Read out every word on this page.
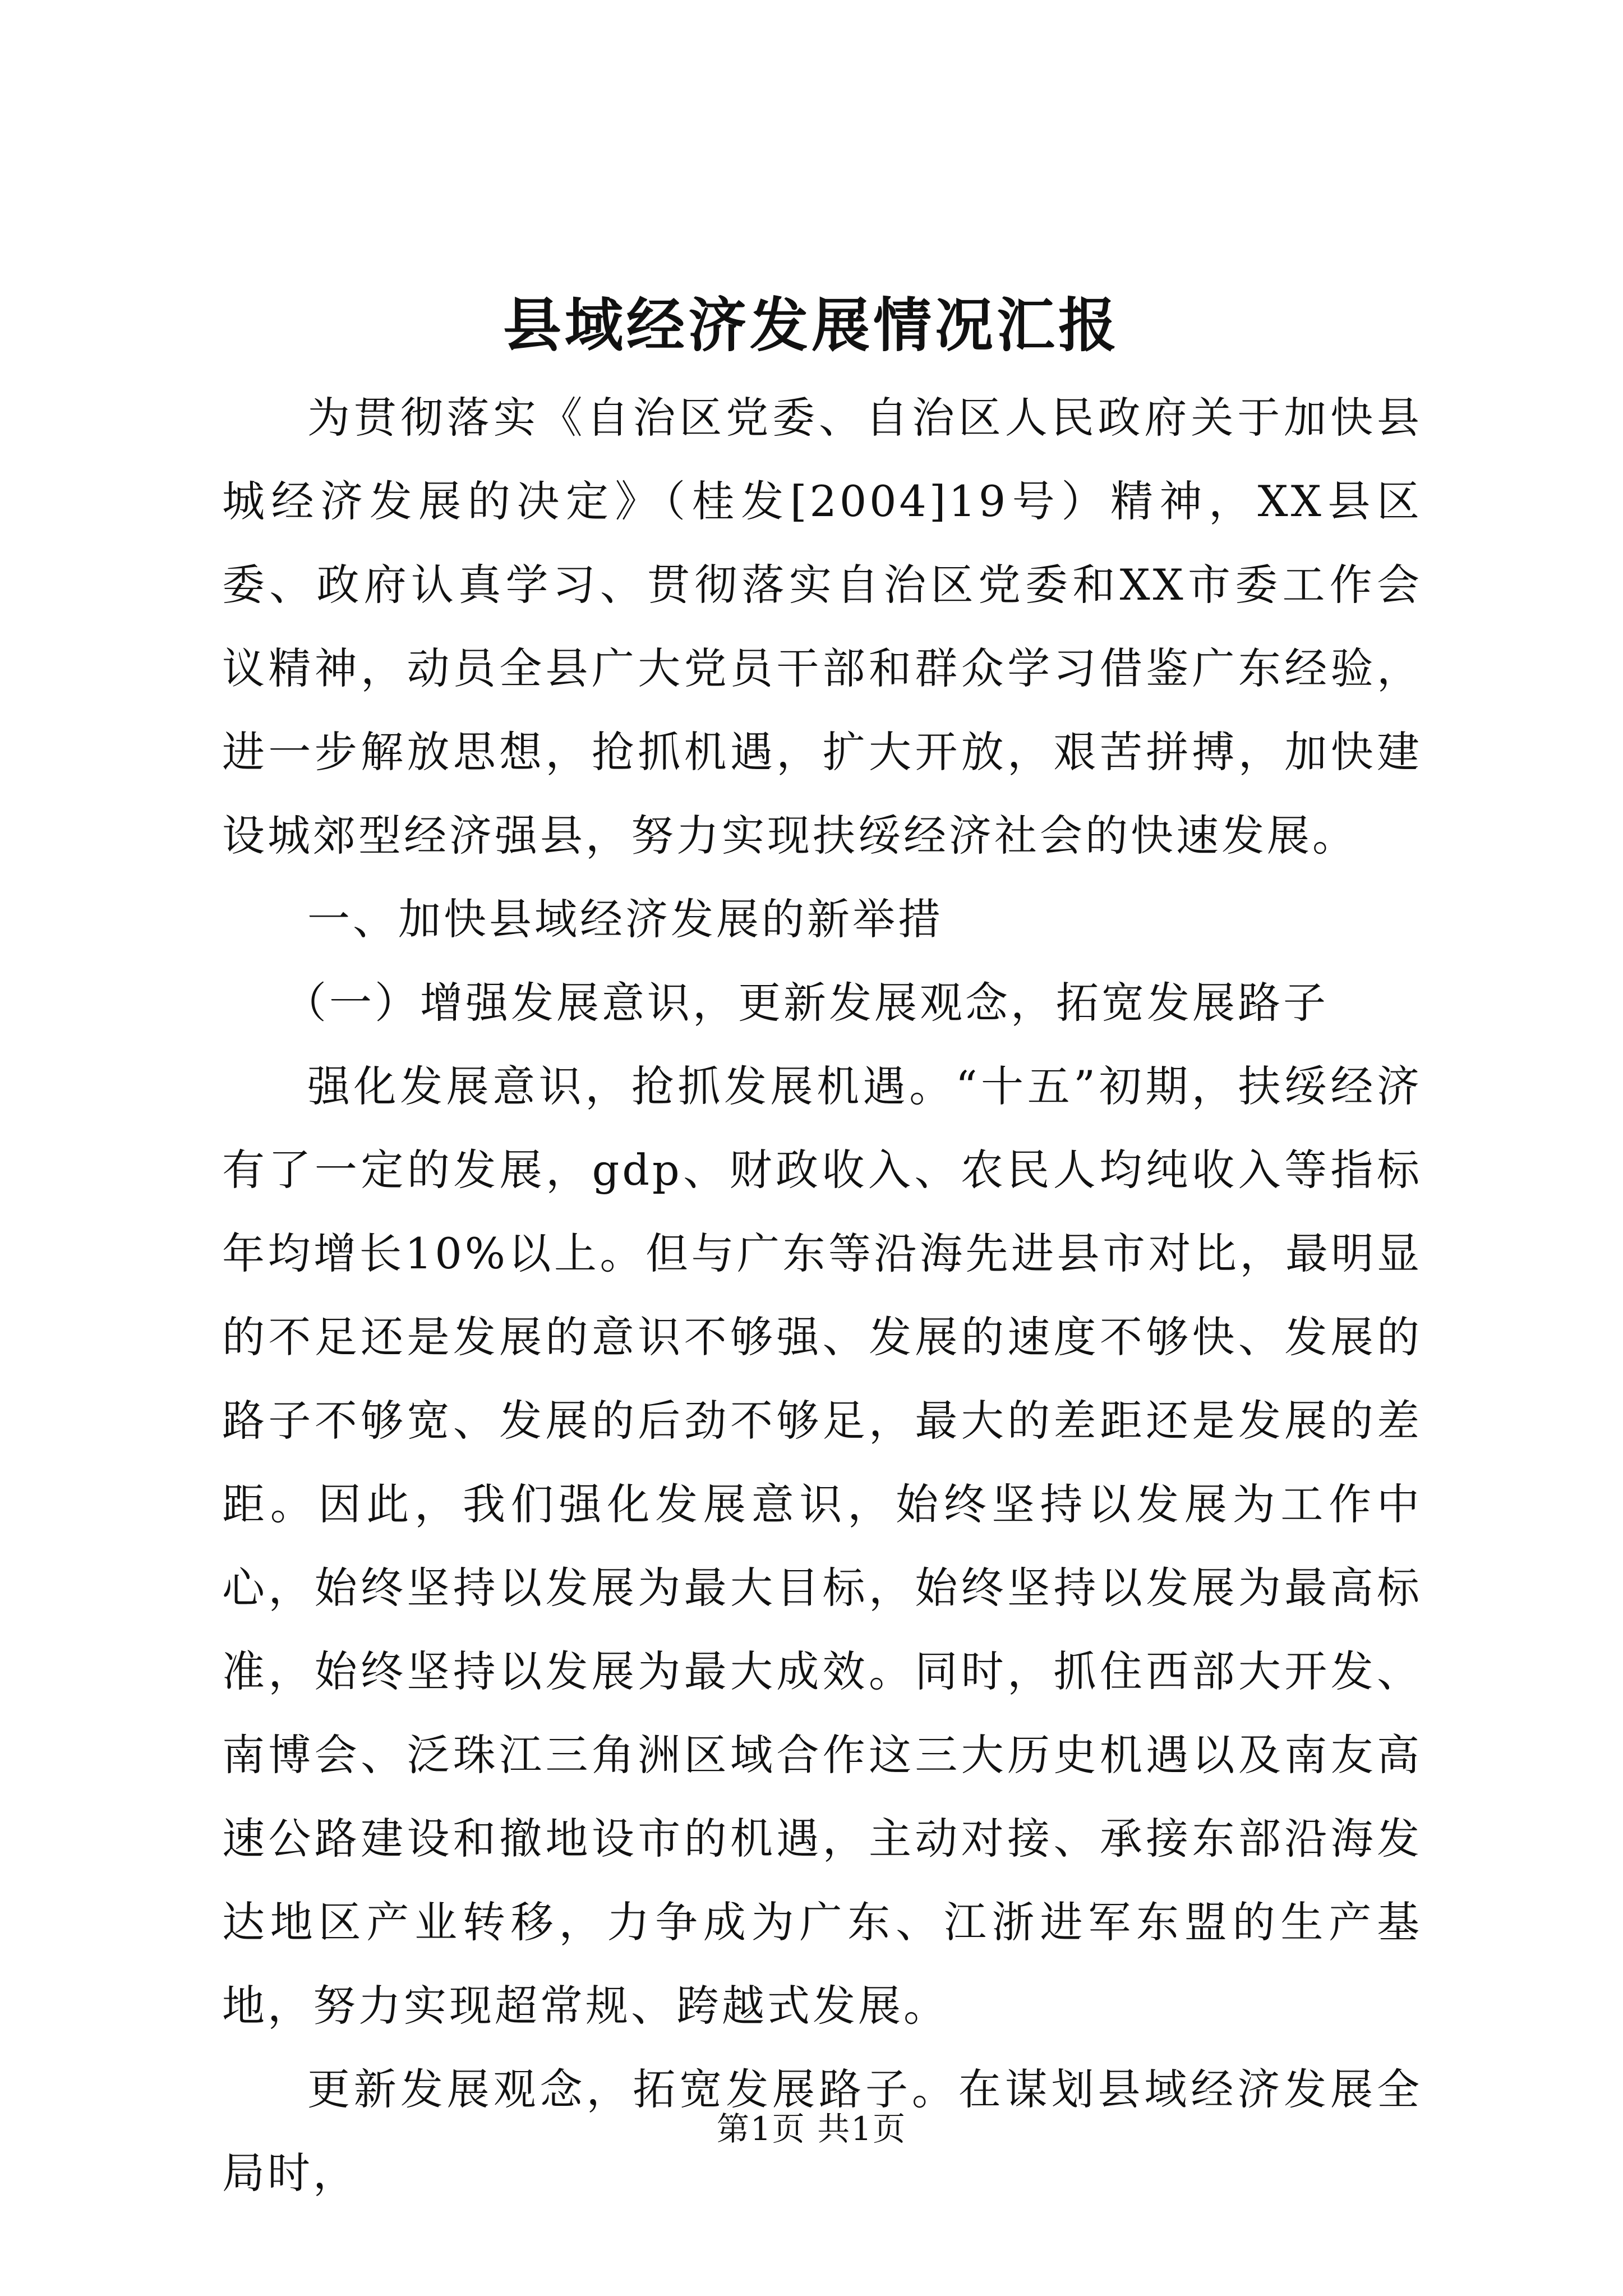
县域经济发展情况汇报

为贯彻落实《自治区党委、自治区人民政府关于加快县城经济发展的决定》（桂发[2004]19号）精神，XX县区委、政府认真学习、贯彻落实自治区党委和XX市委工作会议精神，动员全县广大党员干部和群众学习借鉴广东经验，进一步解放思想，抢抓机遇，扩大开放，艰苦拼搏，加快建设城郊型经济强县，努力实现扶绥经济社会的快速发展。

一、加快县域经济发展的新举措

（一）增强发展意识，更新发展观念，拓宽发展路子

强化发展意识，抢抓发展机遇。“十五”初期，扶绥经济有了一定的发展，gdp、财政收入、农民人均纯收入等指标年均增长10%以上。但与广东等沿海先进县市对比，最明显的不足还是发展的意识不够强、发展的速度不够快、发展的路子不够宽、发展的后劲不够足，最大的差距还是发展的差距。因此，我们强化发展意识，始终坚持以发展为工作中心，始终坚持以发展为最大目标，始终坚持以发展为最高标准，始终坚持以发展为最大成效。同时，抓住西部大开发、南博会、泛珠江三角洲区域合作这三大历史机遇以及南友高速公路建设和撤地设市的机遇，主动对接、承接东部沿海发达地区产业转移，力争成为广东、江浙进军东盟的生产基地，努力实现超常规、跨越式发展。

更新发展观念，拓宽发展路子。在谋划县域经济发展全局时，

第1页 共1页
